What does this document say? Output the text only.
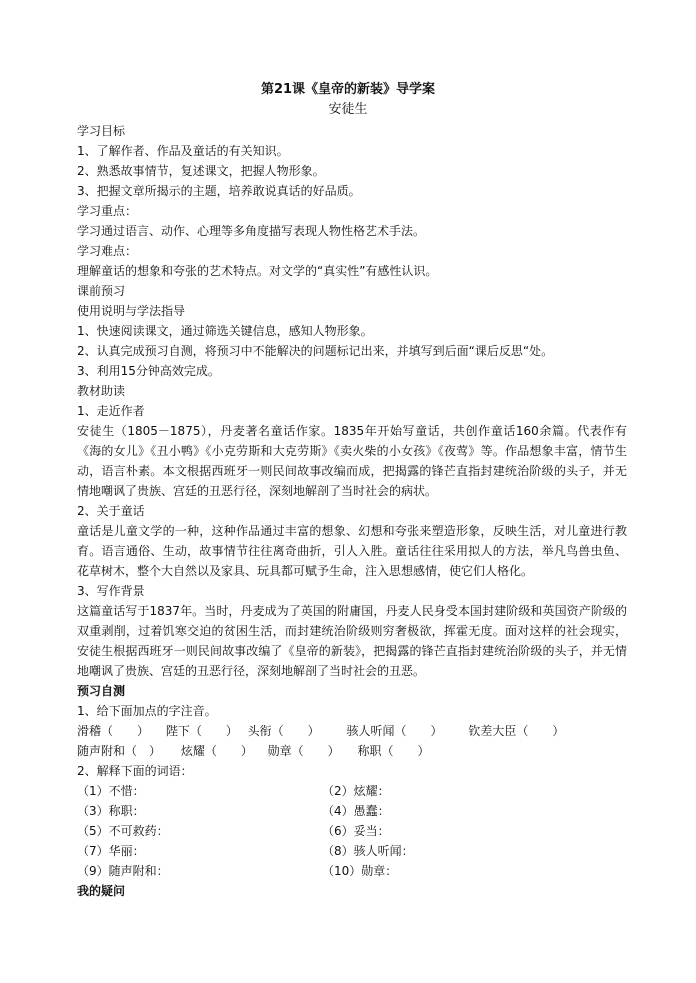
第21课《皇帝的新装》导学案
安徒生

学习目标

1、了解作者、作品及童话的有关知识。

2、熟悉故事情节，复述课文，把握人物形象。

3、把握文章所揭示的主题，培养敢说真话的好品质。

学习重点：

学习通过语言、动作、心理等多角度描写表现人物性格艺术手法。

学习难点：

理解童话的想象和夸张的艺术特点。对文学的“真实性”有感性认识。

课前预习

使用说明与学法指导

1、快速阅读课文，通过筛选关键信息，感知人物形象。

2、认真完成预习自测，将预习中不能解决的问题标记出来，并填写到后面“课后反思“处。

3、利用15分钟高效完成。

教材助读

1、走近作者

安徒生（1805－1875），丹麦著名童话作家。1835年开始写童话，共创作童话160余篇。代表作有《海的女儿》《丑小鸭》《小克劳斯和大克劳斯》《卖火柴的小女孩》《夜莺》等。作品想象丰富，情节生动，语言朴素。本文根据西班牙一则民间故事改编而成，把揭露的锋芒直指封建统治阶级的头子，并无情地嘲讽了贵族、宫廷的丑恶行径，深刻地解剖了当时社会的病状。

2、关于童话

童话是儿童文学的一种，这种作品通过丰富的想象、幻想和夸张来塑造形象，反映生活，对儿童进行教育。语言通俗、生动，故事情节往往离奇曲折，引人入胜。童话往往采用拟人的方法，举凡鸟兽虫鱼、花草树木，整个大自然以及家具、玩具都可赋予生命，注入思想感情，使它们人格化。

3、写作背景

这篇童话写于1837年。当时，丹麦成为了英国的附庸国，丹麦人民身受本国封建阶级和英国资产阶级的双重剥削，过着饥寒交迫的贫困生活，而封建统治阶级则穷奢极欲，挥霍无度。面对这样的社会现实，安徒生根据西班牙一则民间故事改编了《皇帝的新装》，把揭露的锋芒直指封建统治阶级的头子，并无情地嘲讽了贵族、宫廷的丑恶行径，深刻地解剖了当时社会的丑恶。

预习自测

1、给下面加点的字注音。

滑稽（　　） 陛下（　　） 头衔（　　） 骇人听闻（　　） 钦差大臣（　　）

随声附和（　） 炫耀（　　） 勋章（　　） 称职（　　）

2、解释下面的词语：

（1）不惜：	（2）炫耀：

（3）称职：	（4）愚蠢：

（5）不可救药：	（6）妥当：

（7）华丽：	（8）骇人听闻：

（9）随声附和：	（10）勋章：

我的疑问
